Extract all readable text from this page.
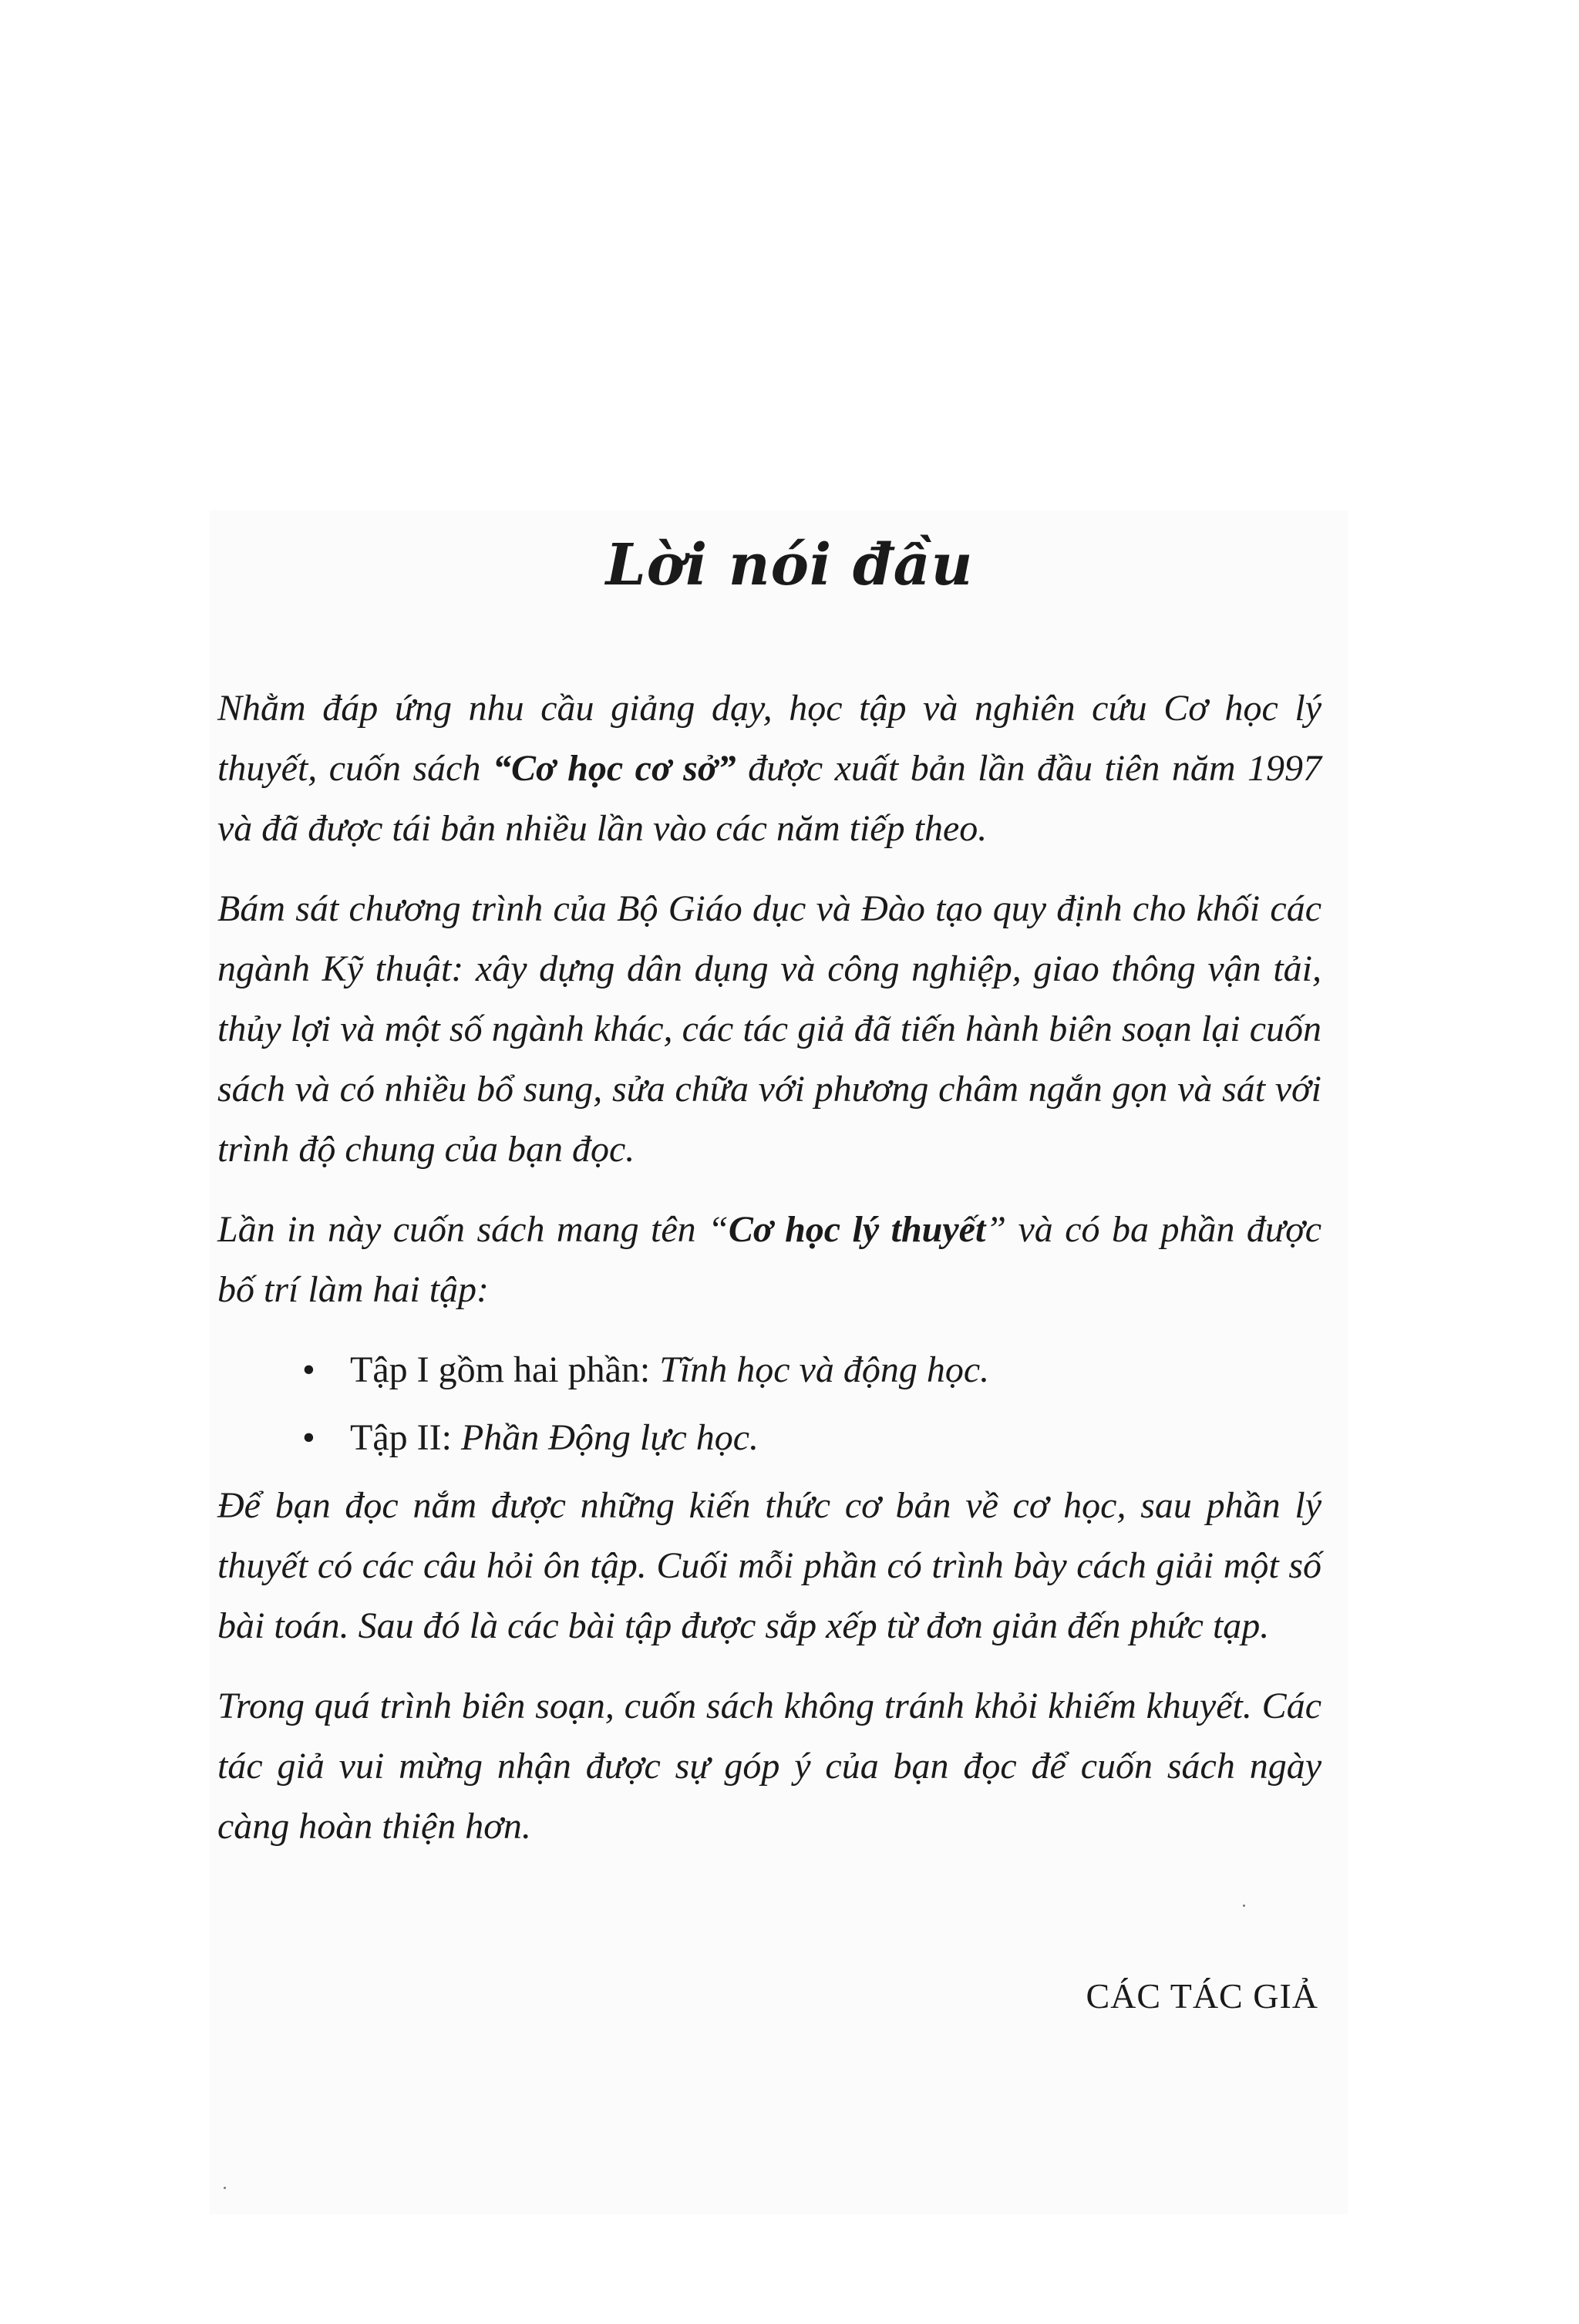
Lời nói đầu

Nhằm đáp ứng nhu cầu giảng dạy, học tập và nghiên cứu Cơ học lý thuyết, cuốn sách “Cơ học cơ sở” được xuất bản lần đầu tiên năm 1997 và đã được tái bản nhiều lần vào các năm tiếp theo.

Bám sát chương trình của Bộ Giáo dục và Đào tạo quy định cho khối các ngành Kỹ thuật: xây dựng dân dụng và công nghiệp, giao thông vận tải, thủy lợi và một số ngành khác, các tác giả đã tiến hành biên soạn lại cuốn sách và có nhiều bổ sung, sửa chữa với phương châm ngắn gọn và sát với trình độ chung của bạn đọc.

Lần in này cuốn sách mang tên “Cơ học lý thuyết” và có ba phần được bố trí làm hai tập:

• Tập I gồm hai phần: Tĩnh học và động học.
• Tập II: Phần Động lực học.

Để bạn đọc nắm được những kiến thức cơ bản về cơ học, sau phần lý thuyết có các câu hỏi ôn tập. Cuối mỗi phần có trình bày cách giải một số bài toán. Sau đó là các bài tập được sắp xếp từ đơn giản đến phức tạp.

Trong quá trình biên soạn, cuốn sách không tránh khỏi khiếm khuyết. Các tác giả vui mừng nhận được sự góp ý của bạn đọc để cuốn sách ngày càng hoàn thiện hơn.

CÁC TÁC GIẢ
